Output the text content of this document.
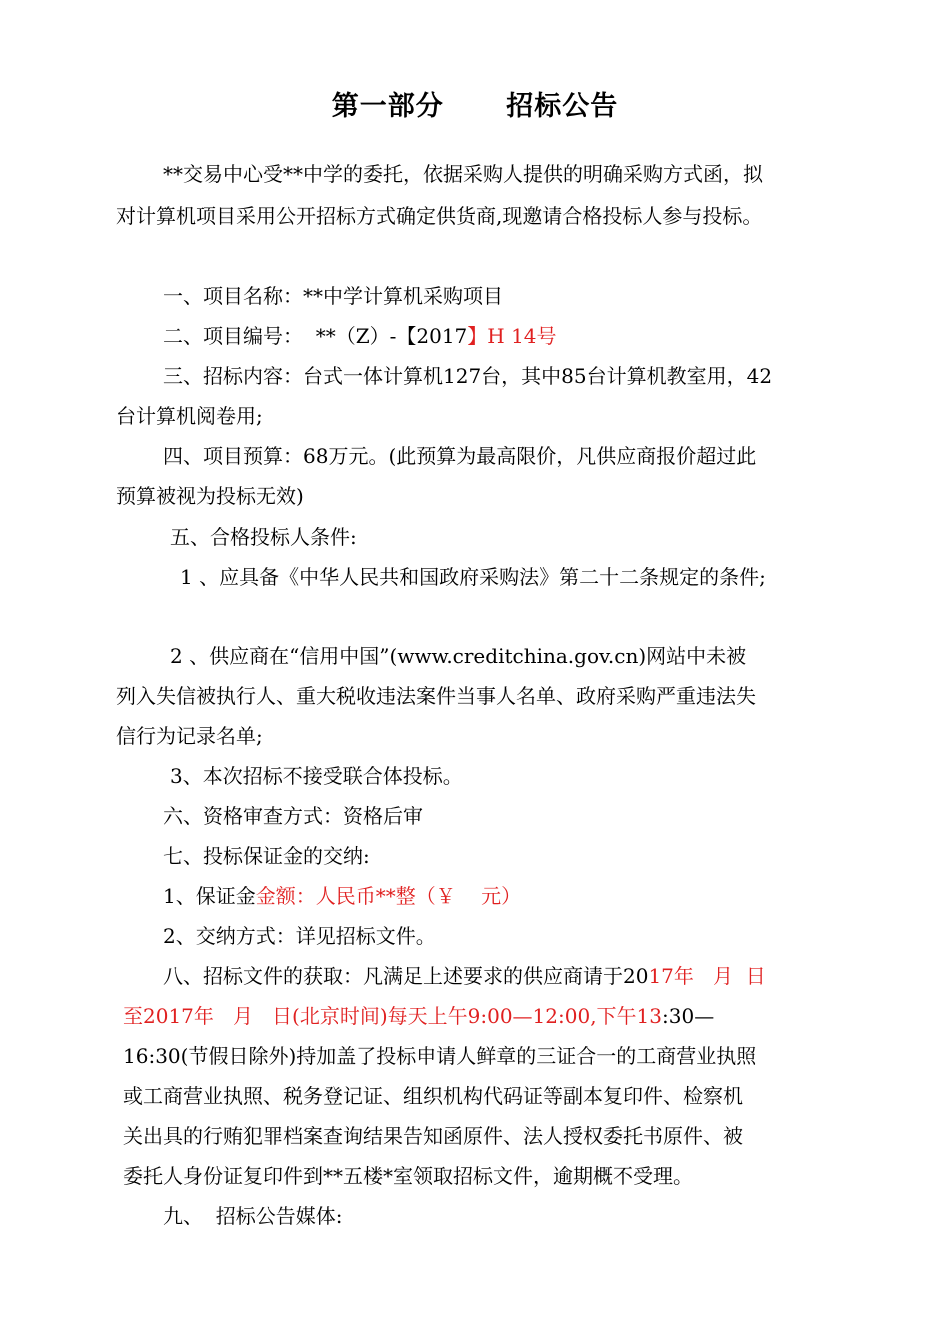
第一部分      招标公告
**交易中心受**中学的委托，依据采购人提供的明确采购方式函，拟
对计算机项目采用公开招标方式确定供货商,现邀请合格投标人参与投标。
一、项目名称：**中学计算机采购项目
二、项目编号：  **（Z）-【2017】H 14号
三、招标内容：台式一体计算机127台，其中85台计算机教室用，42
台计算机阅卷用;
四、项目预算：68万元。(此预算为最高限价，凡供应商报价超过此
预算被视为投标无效)
五、合格投标人条件:
1 、应具备《中华人民共和国政府采购法》第二十二条规定的条件;
2 、供应商在“信用中国”(www.creditchina.gov.cn)网站中未被
列入失信被执行人、重大税收违法案件当事人名单、政府采购严重违法失
信行为记录名单;
3、本次招标不接受联合体投标。
六、资格审查方式：资格后审
七、投标保证金的交纳:
1、保证金金额：人民币**整（￥    元）
2、交纳方式：详见招标文件。
八、招标文件的获取：凡满足上述要求的供应商请于2017年   月  日
至2017年   月   日(北京时间)每天上午9:00—12:00,下午13:30—
16:30(节假日除外)持加盖了投标申请人鲜章的三证合一的工商营业执照
或工商营业执照、税务登记证、组织机构代码证等副本复印件、检察机
关出具的行贿犯罪档案查询结果告知函原件、法人授权委托书原件、被
委托人身份证复印件到**五楼*室领取招标文件，逾期概不受理。
九、  招标公告媒体:
